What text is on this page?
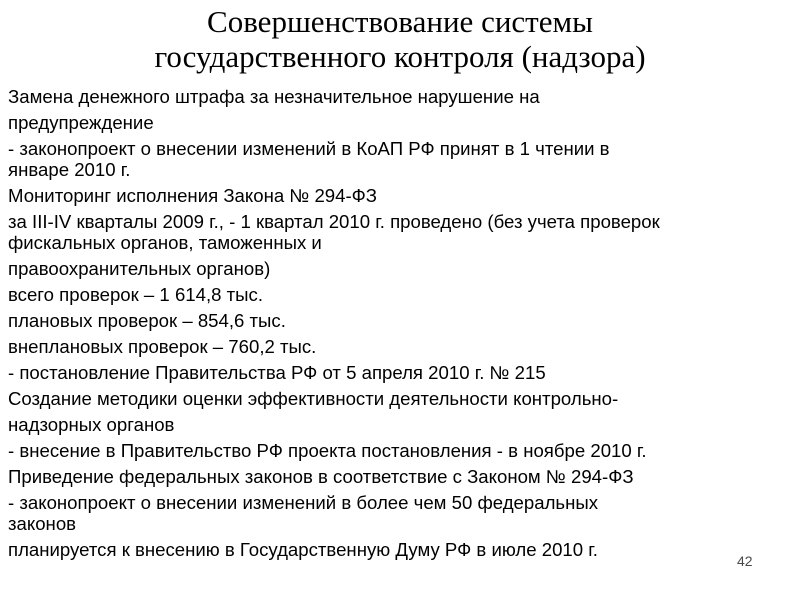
Совершенствование системы
государственного контроля (надзора)
Замена денежного штрафа за незначительное нарушение на
предупреждение
- законопроект о внесении изменений в КоАП РФ принят в 1 чтении в
январе 2010 г.
Мониторинг исполнения Закона № 294-ФЗ
за III-IV кварталы 2009 г., - 1 квартал 2010 г. проведено (без учета проверок
фискальных органов, таможенных и
правоохранительных органов)
всего проверок – 1 614,8 тыс.
плановых проверок – 854,6 тыс.
внеплановых проверок – 760,2 тыс.
- постановление Правительства РФ от 5 апреля 2010 г. № 215
Создание методики оценки эффективности деятельности контрольно-
надзорных органов
- внесение в Правительство РФ проекта постановления - в ноябре 2010 г.
Приведение федеральных законов в соответствие с Законом № 294-ФЗ
- законопроект о внесении изменений в более чем 50 федеральных
законов
планируется к внесению в Государственную Думу РФ в июле 2010 г.
42
